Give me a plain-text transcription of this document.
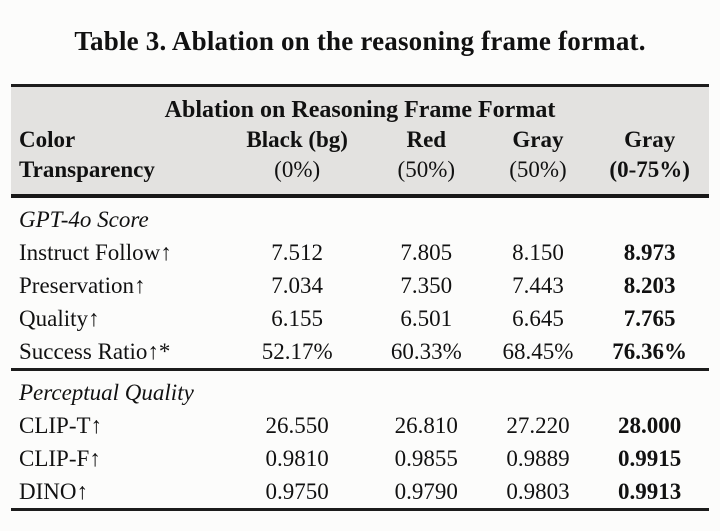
Table 3. Ablation on the reasoning frame format.
Ablation on Reasoning Frame Format				
Color	Black (bg)	Red	Gray	Gray
Transparency	(0%)	(50%)	(50%)	(0-75%)
GPT-4o Score				
Instruct Follow↑	7.512	7.805	8.150	8.973
Preservation↑	7.034	7.350	7.443	8.203
Quality↑	6.155	6.501	6.645	7.765
Success Ratio↑*	52.17%	60.33%	68.45%	76.36%
Perceptual Quality				
CLIP-T↑	26.550	26.810	27.220	28.000
CLIP-F↑	0.9810	0.9855	0.9889	0.9915
DINO↑	0.9750	0.9790	0.9803	0.9913
